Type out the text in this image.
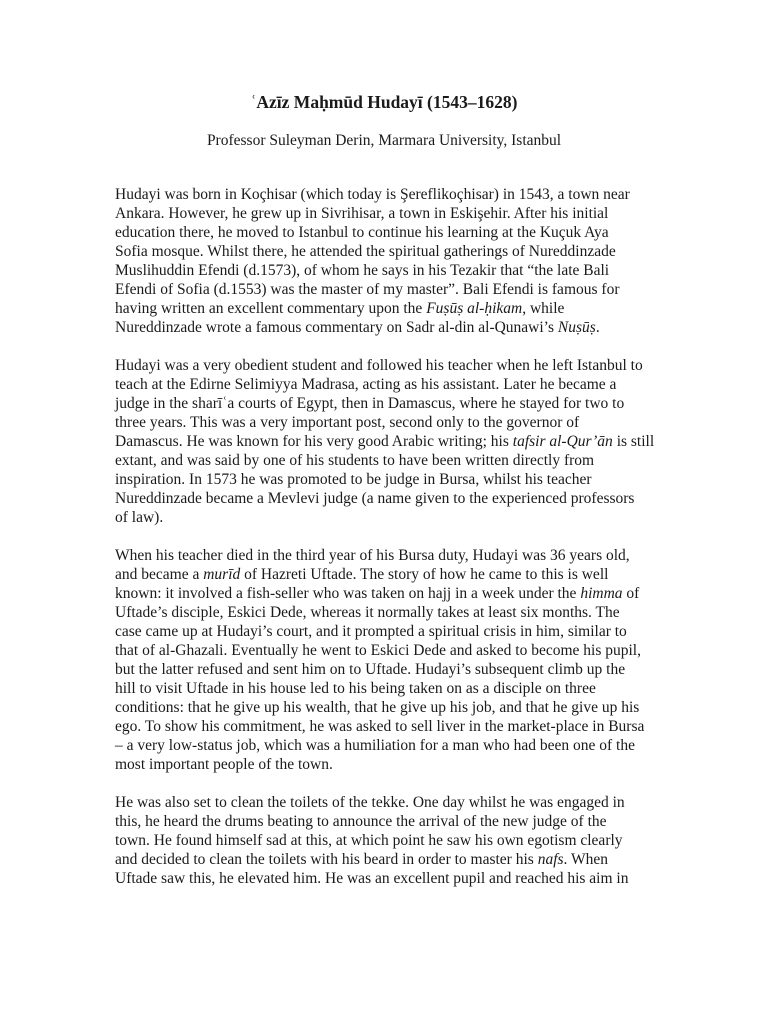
ʿAzīz Maḥmūd Hudayī (1543–1628)

Professor Suleyman Derin, Marmara University, Istanbul

Hudayi was born in Koçhisar (which today is Şereflikoçhisar) in 1543, a town near
Ankara. However, he grew up in Sivrihisar, a town in Eskişehir. After his initial
education there, he moved to Istanbul to continue his learning at the Kuçuk Aya
Sofia mosque. Whilst there, he attended the spiritual gatherings of Nureddinzade
Muslihuddin Efendi (d.1573), of whom he says in his Tezakir that “the late Bali
Efendi of Sofia (d.1553) was the master of my master”. Bali Efendi is famous for
having written an excellent commentary upon the Fuṣūṣ al-ḥikam, while
Nureddinzade wrote a famous commentary on Sadr al-din al-Qunawi’s Nuṣūṣ.

Hudayi was a very obedient student and followed his teacher when he left Istanbul to
teach at the Edirne Selimiyya Madrasa, acting as his assistant. Later he became a
judge in the sharīʿa courts of Egypt, then in Damascus, where he stayed for two to
three years. This was a very important post, second only to the governor of
Damascus. He was known for his very good Arabic writing; his tafsir al-Qur’ān is still
extant, and was said by one of his students to have been written directly from
inspiration. In 1573 he was promoted to be judge in Bursa, whilst his teacher
Nureddinzade became a Mevlevi judge (a name given to the experienced professors
of law).

When his teacher died in the third year of his Bursa duty, Hudayi was 36 years old,
and became a murīd of Hazreti Uftade. The story of how he came to this is well
known: it involved a fish-seller who was taken on hajj in a week under the himma of
Uftade’s disciple, Eskici Dede, whereas it normally takes at least six months. The
case came up at Hudayi’s court, and it prompted a spiritual crisis in him, similar to
that of al-Ghazali. Eventually he went to Eskici Dede and asked to become his pupil,
but the latter refused and sent him on to Uftade. Hudayi’s subsequent climb up the
hill to visit Uftade in his house led to his being taken on as a disciple on three
conditions: that he give up his wealth, that he give up his job, and that he give up his
ego. To show his commitment, he was asked to sell liver in the market-place in Bursa
– a very low-status job, which was a humiliation for a man who had been one of the
most important people of the town.

He was also set to clean the toilets of the tekke. One day whilst he was engaged in
this, he heard the drums beating to announce the arrival of the new judge of the
town. He found himself sad at this, at which point he saw his own egotism clearly
and decided to clean the toilets with his beard in order to master his nafs. When
Uftade saw this, he elevated him. He was an excellent pupil and reached his aim in
